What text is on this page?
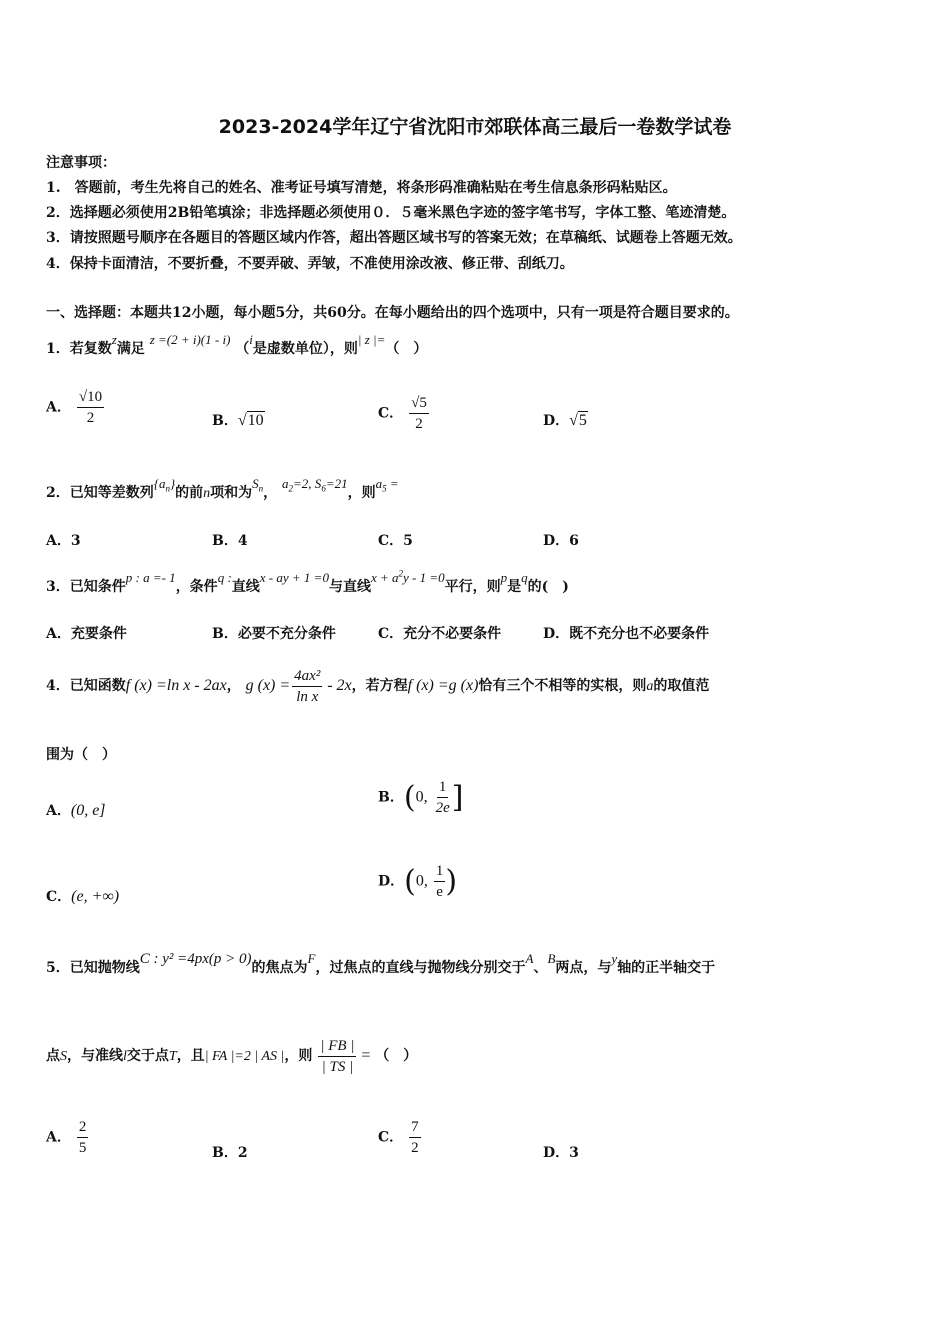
2023-2024学年辽宁省沈阳市郊联体高三最后一卷数学试卷
注意事项：
1.　答题前，考生先将自己的姓名、准考证号填写清楚，将条形码准确粘贴在考生信息条形码粘贴区。
2．选择题必须使用2B铅笔填涂；非选择题必须使用０．５毫米黑色字迹的签字笔书写，字体工整、笔迹清楚。
3．请按照题号顺序在各题目的答题区域内作答，超出答题区域书写的答案无效；在草稿纸、试题卷上答题无效。
4．保持卡面清洁，不要折叠，不要弄破、弄皱，不准使用涂改液、修正带、刮纸刀。
一、选择题：本题共12小题，每小题5分，共60分。在每小题给出的四个选项中，只有一项是符合题目要求的。
1．若复数z满足 z =(2 + i)(1 - i) （i是虚数单位），则| z |=（　）
A． $\frac{√10}{2}$	B．√10	C． $\frac{√5}{2}$	D．√5
2．已知等差数列$\{a_n\}$的前n项和为$S_n$， $a_2=2$, $S_6=21$，则$a_5$ =
A．3	B．4	C．5	D．6
3．已知条件p : a =- 1，条件q :直线x - ay + 1 =0与直线$x + a^2y - 1 =0$平行，则p是q的(　)
A．充要条件	B．必要不充分条件	C．充分不必要条件	D．既不充分也不必要条件
4．已知函数f (x) =ln x - 2ax， g $(x) = \frac{\text{4ax²}}{\text{ln x}} - 2x$，若方程f (x) =g (x)恰有三个不相等的实根，则a的取值范
围为（　）
A．(0, e]
B．(0, $\frac{1}{2e}$ ]
C．(e, +∞)
D．(0, $\frac{1}{e}$ )
5．已知抛物线C : y² =4px(p > 0)的焦点为F，过焦点的直线与抛物线分别交于A、B两点，与y轴的正半轴交于
点S，与准线l交于点T，且| FA |=2 | AS |，则 $\frac{| FB |}{| TS |}$ = （　）
A． $\frac{2}{5}$	B．2
C． $\frac{7}{2}$	D．3
